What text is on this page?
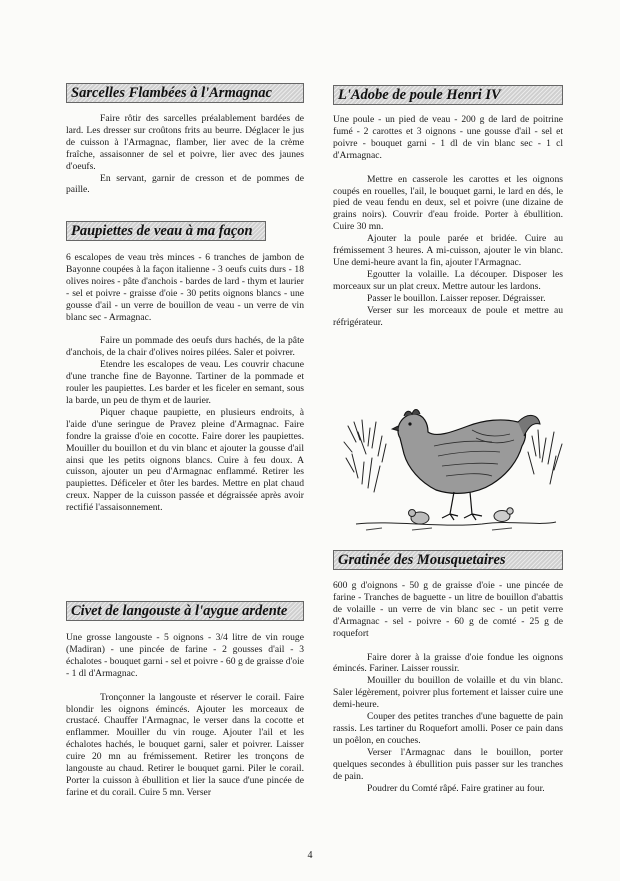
Sarcelles Flambées à l'Armagnac

Faire rôtir des sarcelles préalablement bardées de lard. Les dresser sur croûtons frits au beurre. Déglacer le jus de cuisson à l'Armagnac, flamber, lier avec de la crème fraîche, assaisonner de sel et poivre, lier avec des jaunes d'oeufs.

En servant, garnir de cresson et de pommes de paille.

Paupiettes de veau à ma façon

6 escalopes de veau très minces - 6 tranches de jambon de Bayonne coupées à la façon italienne - 3 oeufs cuits durs - 18 olives noires - pâte d'anchois - bardes de lard - thym et laurier - sel et poivre - graisse d'oie - 30 petits oignons blancs - une gousse d'ail - un verre de bouillon de veau - un verre de vin blanc sec - Armagnac.

Faire un pommade des oeufs durs hachés, de la pâte d'anchois, de la chair d'olives noires pilées. Saler et poivrer.

Etendre les escalopes de veau. Les couvrir chacune d'une tranche fine de Bayonne. Tartiner de la pommade et rouler les paupiettes. Les barder et les ficeler en semant, sous la barde, un peu de thym et de laurier.

Piquer chaque paupiette, en plusieurs endroits, à l'aide d'une seringue de Pravez pleine d'Armagnac. Faire fondre la graisse d'oie en cocotte. Faire dorer les paupiettes. Mouiller du bouillon et du vin blanc et ajouter la gousse d'ail ainsi que les petits oignons blancs. Cuire à feu doux. A cuisson, ajouter un peu d'Armagnac enflammé. Retirer les paupiettes. Déficeler et ôter les bardes. Mettre en plat chaud creux. Napper de la cuisson passée et dégraissée après avoir rectifié l'assaisonnement.

Civet de langouste à l'aygue ardente

Une grosse langouste - 5 oignons - 3/4 litre de vin rouge (Madiran) - une pincée de farine - 2 gousses d'ail - 3 échalotes - bouquet garni - sel et poivre - 60 g de graisse d'oie - 1 dl d'Armagnac.

Tronçonner la langouste et réserver le corail. Faire blondir les oignons émincés. Ajouter les morceaux de crustacé. Chauffer l'Armagnac, le verser dans la cocotte et enflammer. Mouiller du vin rouge. Ajouter l'ail et les échalotes hachés, le bouquet garni, saler et poivrer. Laisser cuire 20 mn au frémissement. Retirer les tronçons de langouste au chaud. Retirer le bouquet garni. Piler le corail. Porter la cuisson à ébullition et lier la sauce d'une pincée de farine et du corail. Cuire 5 mn. Verser

L'Adobe de poule Henri IV

Une poule - un pied de veau - 200 g de lard de poitrine fumé - 2 carottes et 3 oignons - une gousse d'ail - sel et poivre - bouquet garni - 1 dl de vin blanc sec - 1 cl d'Armagnac.

Mettre en casserole les carottes et les oignons coupés en rouelles, l'ail, le bouquet garni, le lard en dés, le pied de veau fendu en deux, sel et poivre (une dizaine de grains noirs). Couvrir d'eau froide. Porter à ébullition. Cuire 30 mn.

Ajouter la poule parée et bridée. Cuire au frémissement 3 heures. A mi-cuisson, ajouter le vin blanc. Une demi-heure avant la fin, ajouter l'Armagnac.

Egoutter la volaille. La découper. Disposer les morceaux sur un plat creux. Mettre autour les lardons.

Passer le bouillon. Laisser reposer. Dégraisser.

Verser sur les morceaux de poule et mettre au réfrigérateur.

Gratinée des Mousquetaires

600 g d'oignons - 50 g de graisse d'oie - une pincée de farine - Tranches de baguette - un litre de bouillon d'abattis de volaille - un verre de vin blanc sec - un petit verre d'Armagnac - sel - poivre - 60 g de comté - 25 g de roquefort

Faire dorer à la graisse d'oie fondue les oignons émincés. Fariner. Laisser roussir.

Mouiller du bouillon de volaille et du vin blanc. Saler légèrement, poivrer plus fortement et laisser cuire une demi-heure.

Couper des petites tranches d'une baguette de pain rassis. Les tartiner du Roquefort amolli. Poser ce pain dans un poêlon, en couches.

Verser l'Armagnac dans le bouillon, porter quelques secondes à ébullition puis passer sur les tranches de pain.

Poudrer du Comté râpé. Faire gratiner au four.

4
